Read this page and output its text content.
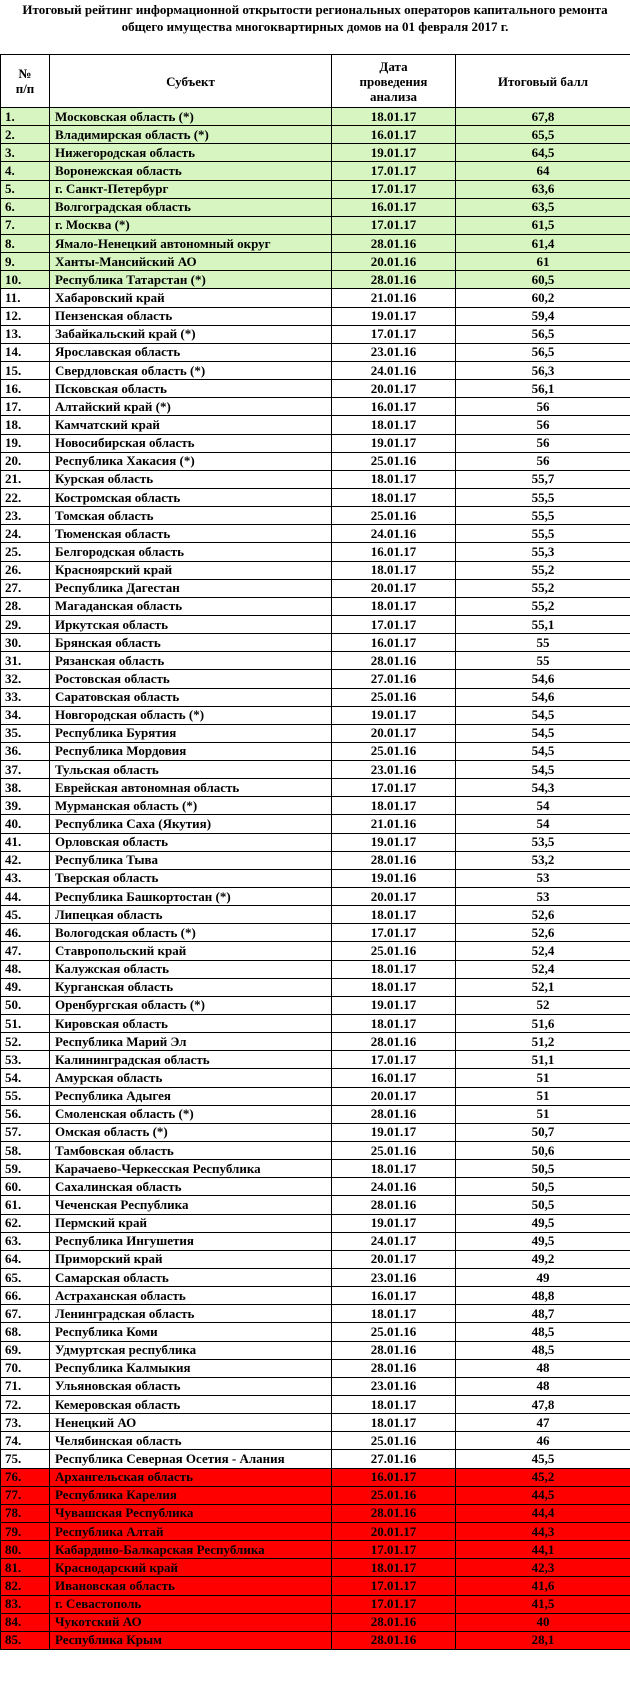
Итоговый рейтинг информационной открытости региональных операторов капитального ремонта общего имущества многоквартирных домов на 01 февраля 2017 г.
№ п/п	Субъект	Дата проведения анализа	Итоговый балл
1.	Московская область (*)	18.01.17	67,8
2.	Владимирская область (*)	16.01.17	65,5
3.	Нижегородская область	19.01.17	64,5
4.	Воронежская область	17.01.17	64
5.	г. Санкт-Петербург	17.01.17	63,6
6.	Волгоградская область	16.01.17	63,5
7.	г. Москва (*)	17.01.17	61,5
8.	Ямало-Ненецкий автономный округ	28.01.16	61,4
9.	Ханты-Мансийский АО	20.01.16	61
10.	Республика Татарстан (*)	28.01.16	60,5
11.	Хабаровский край	21.01.16	60,2
12.	Пензенская область	19.01.17	59,4
13.	Забайкальский край (*)	17.01.17	56,5
14.	Ярославская область	23.01.16	56,5
15.	Свердловская область (*)	24.01.16	56,3
16.	Псковская область	20.01.17	56,1
17.	Алтайский край (*)	16.01.17	56
18.	Камчатский край	18.01.17	56
19.	Новосибирская область	19.01.17	56
20.	Республика Хакасия (*)	25.01.16	56
21.	Курская область	18.01.17	55,7
22.	Костромская область	18.01.17	55,5
23.	Томская область	25.01.16	55,5
24.	Тюменская область	24.01.16	55,5
25.	Белгородская область	16.01.17	55,3
26.	Красноярский край	18.01.17	55,2
27.	Республика Дагестан	20.01.17	55,2
28.	Магаданская область	18.01.17	55,2
29.	Иркутская область	17.01.17	55,1
30.	Брянская область	16.01.17	55
31.	Рязанская область	28.01.16	55
32.	Ростовская область	27.01.16	54,6
33.	Саратовская область	25.01.16	54,6
34.	Новгородская область (*)	19.01.17	54,5
35.	Республика Бурятия	20.01.17	54,5
36.	Республика Мордовия	25.01.16	54,5
37.	Тульская область	23.01.16	54,5
38.	Еврейская автономная область	17.01.17	54,3
39.	Мурманская область (*)	18.01.17	54
40.	Республика Саха (Якутия)	21.01.16	54
41.	Орловская область	19.01.17	53,5
42.	Республика Тыва	28.01.16	53,2
43.	Тверская область	19.01.16	53
44.	Республика Башкортостан (*)	20.01.17	53
45.	Липецкая область	18.01.17	52,6
46.	Вологодская область (*)	17.01.17	52,6
47.	Ставропольский край	25.01.16	52,4
48.	Калужская область	18.01.17	52,4
49.	Курганская область	18.01.17	52,1
50.	Оренбургская область (*)	19.01.17	52
51.	Кировская область	18.01.17	51,6
52.	Республика Марий Эл	28.01.16	51,2
53.	Калининградская область	17.01.17	51,1
54.	Амурская область	16.01.17	51
55.	Республика Адыгея	20.01.17	51
56.	Смоленская область (*)	28.01.16	51
57.	Омская область (*)	19.01.17	50,7
58.	Тамбовская область	25.01.16	50,6
59.	Карачаево-Черкесская Республика	18.01.17	50,5
60.	Сахалинская область	24.01.16	50,5
61.	Чеченская Республика	28.01.16	50,5
62.	Пермский край	19.01.17	49,5
63.	Республика Ингушетия	24.01.17	49,5
64.	Приморский край	20.01.17	49,2
65.	Самарская область	23.01.16	49
66.	Астраханская область	16.01.17	48,8
67.	Ленинградская область	18.01.17	48,7
68.	Республика Коми	25.01.16	48,5
69.	Удмуртская республика	28.01.16	48,5
70.	Республика Калмыкия	28.01.16	48
71.	Ульяновская область	23.01.16	48
72.	Кемеровская область	18.01.17	47,8
73.	Ненецкий АО	18.01.17	47
74.	Челябинская область	25.01.16	46
75.	Республика Северная Осетия - Алания	27.01.16	45,5
76.	Архангельская область	16.01.17	45,2
77.	Республика Карелия	25.01.16	44,5
78.	Чувашская Республика	28.01.16	44,4
79.	Республика Алтай	20.01.17	44,3
80.	Кабардино-Балкарская Республика	17.01.17	44,1
81.	Краснодарский край	18.01.17	42,3
82.	Ивановская область	17.01.17	41,6
83.	г. Севастополь	17.01.17	41,5
84.	Чукотский АО	28.01.16	40
85.	Республика Крым	28.01.16	28,1
